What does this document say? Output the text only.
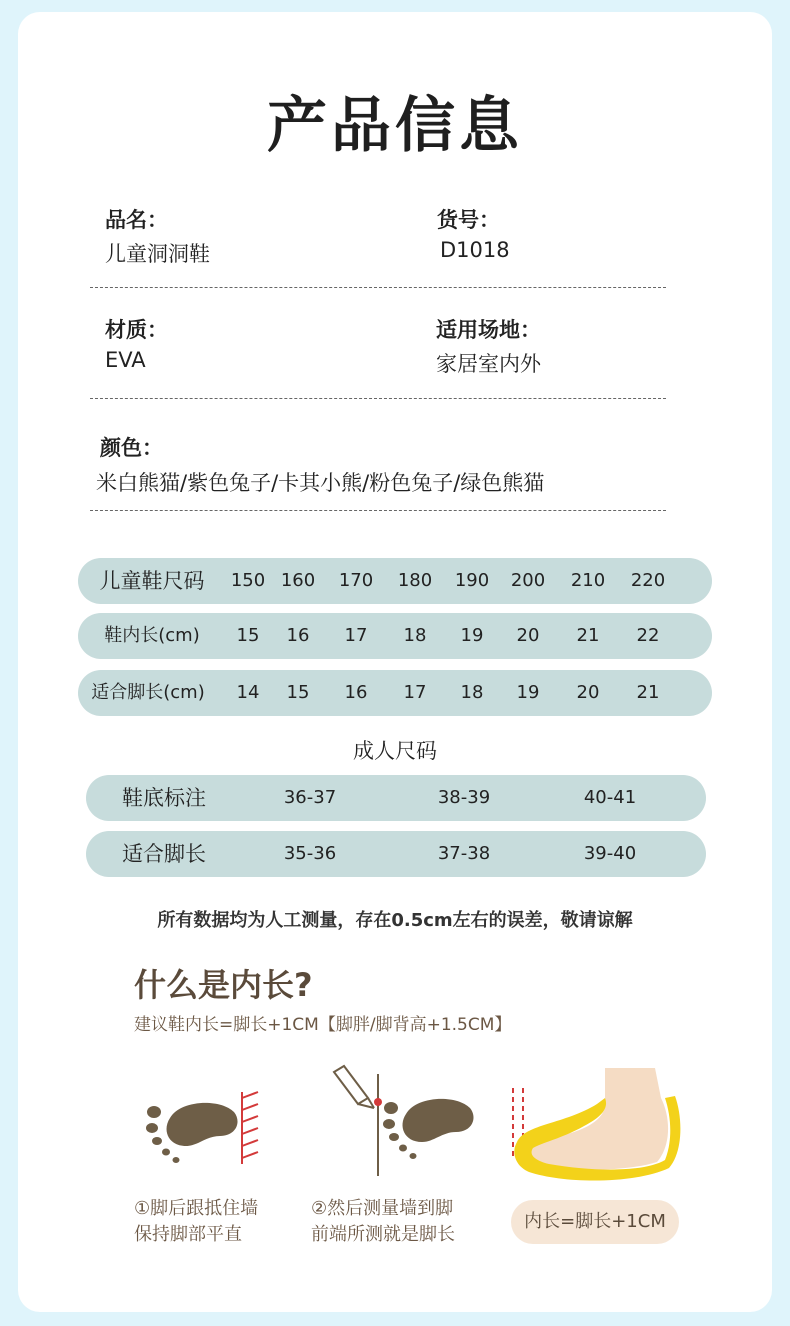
产品信息
品名：
儿童洞洞鞋
货号：
D1018
材质：
EVA
适用场地：
家居室内外
颜色：
米白熊猫/紫色兔子/卡其小熊/粉色兔子/绿色熊猫
儿童鞋尺码	150 160 170 180 190 200 210 220
鞋内长(cm)	15	16	17	18	19	20	21	22
适合脚长(cm)	14	15	16	17	18	19	20	21
成人尺码
鞋底标注	36-37	38-39	40-41
适合脚长	35-36	37-38	39-40
所有数据均为人工测量，存在0.5cm左右的误差，敬请谅解
什么是内长?
建议鞋内长=脚长+1CM【脚胖/脚背高+1.5CM】
①脚后跟抵住墙
保持脚部平直
②然后测量墙到脚
前端所测就是脚长
内长=脚长+1CM
